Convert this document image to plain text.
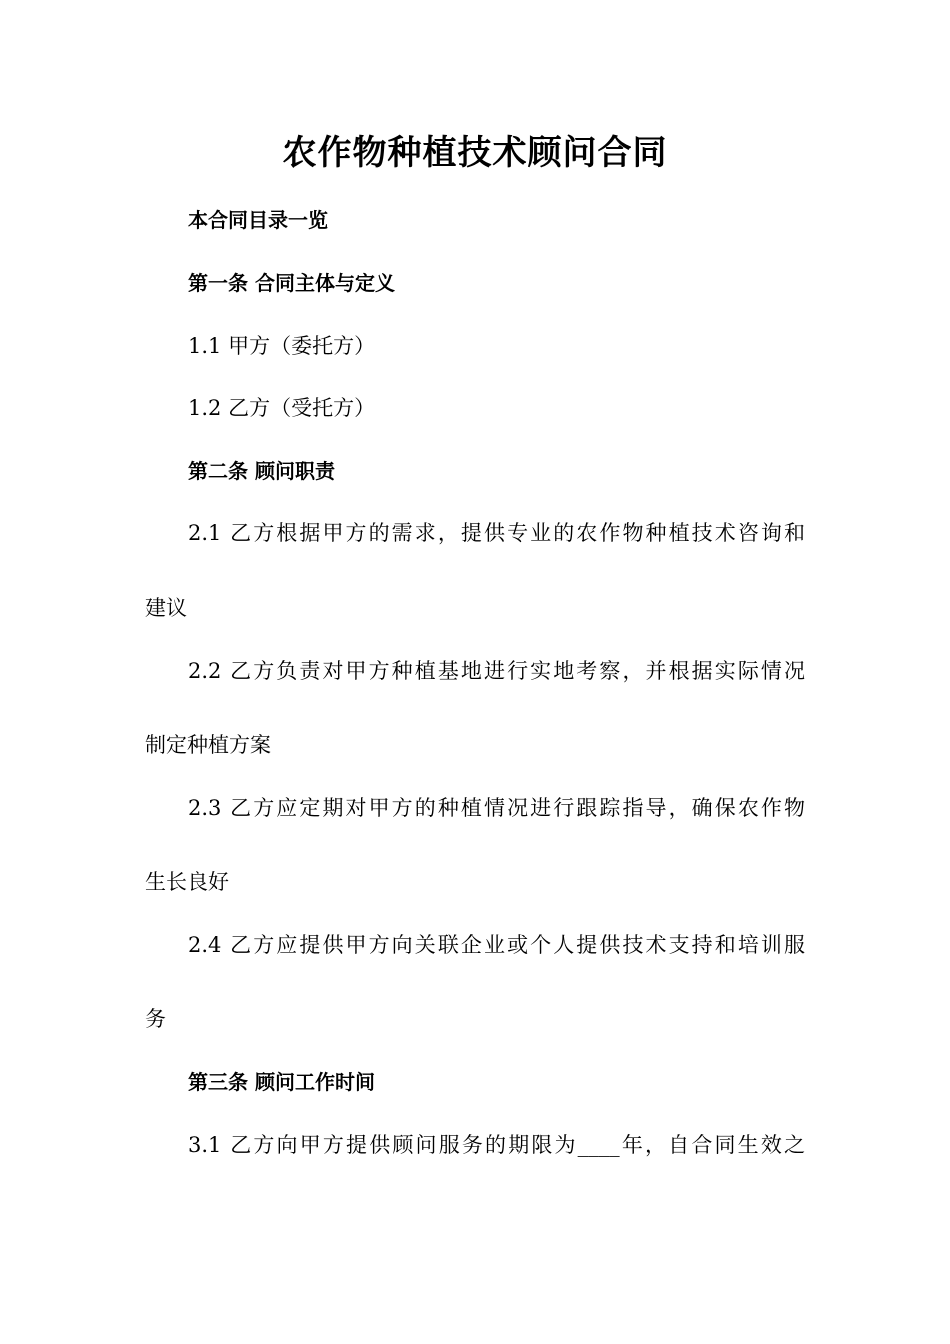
农作物种植技术顾问合同
本合同目录一览
第一条 合同主体与定义
1.1 甲方（委托方）
1.2 乙方（受托方）
第二条 顾问职责
2.1 乙方根据甲方的需求，提供专业的农作物种植技术咨询和
建议
2.2 乙方负责对甲方种植基地进行实地考察，并根据实际情况
制定种植方案
2.3 乙方应定期对甲方的种植情况进行跟踪指导，确保农作物
生长良好
2.4 乙方应提供甲方向关联企业或个人提供技术支持和培训服
务
第三条 顾问工作时间
3.1 乙方向甲方提供顾问服务的期限为____年，自合同生效之
